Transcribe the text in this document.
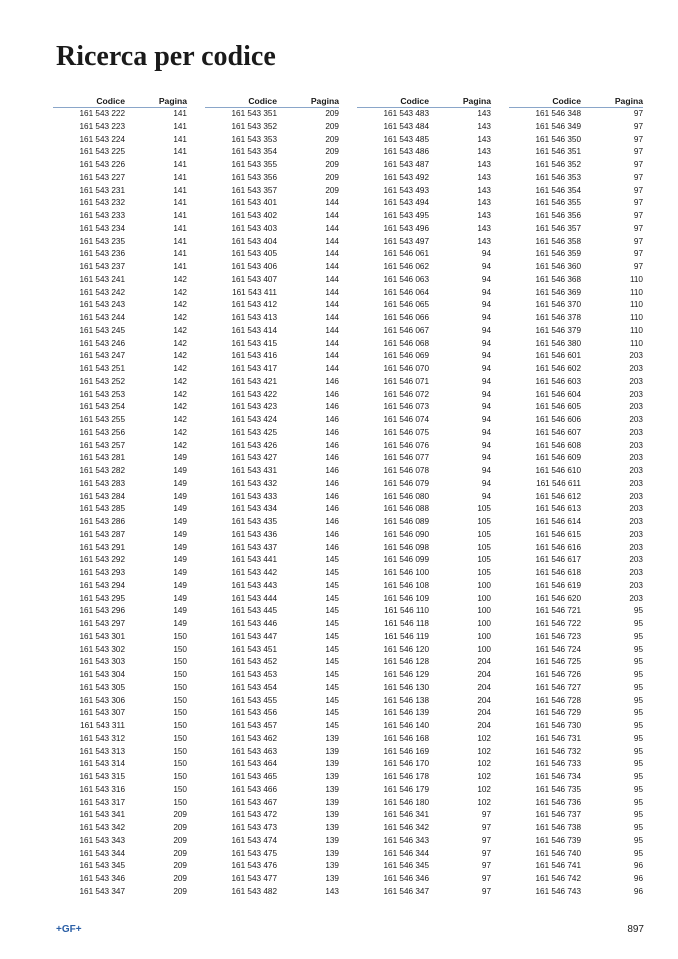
Ricerca per codice
Codice	Pagina
161 543 222	141
161 543 223	141
161 543 224	141
161 543 225	141
161 543 226	141
161 543 227	141
161 543 231	141
161 543 232	141
161 543 233	141
161 543 234	141
161 543 235	141
161 543 236	141
161 543 237	141
161 543 241	142
161 543 242	142
161 543 243	142
161 543 244	142
161 543 245	142
161 543 246	142
161 543 247	142
161 543 251	142
161 543 252	142
161 543 253	142
161 543 254	142
161 543 255	142
161 543 256	142
161 543 257	142
161 543 281	149
161 543 282	149
161 543 283	149
161 543 284	149
161 543 285	149
161 543 286	149
161 543 287	149
161 543 291	149
161 543 292	149
161 543 293	149
161 543 294	149
161 543 295	149
161 543 296	149
161 543 297	149
161 543 301	150
161 543 302	150
161 543 303	150
161 543 304	150
161 543 305	150
161 543 306	150
161 543 307	150
161 543 311	150
161 543 312	150
161 543 313	150
161 543 314	150
161 543 315	150
161 543 316	150
161 543 317	150
161 543 341	209
161 543 342	209
161 543 343	209
161 543 344	209
161 543 345	209
161 543 346	209
161 543 347	209
Codice	Pagina
161 543 351	209
161 543 352	209
161 543 353	209
161 543 354	209
161 543 355	209
161 543 356	209
161 543 357	209
161 543 401	144
161 543 402	144
161 543 403	144
161 543 404	144
161 543 405	144
161 543 406	144
161 543 407	144
161 543 411	144
161 543 412	144
161 543 413	144
161 543 414	144
161 543 415	144
161 543 416	144
161 543 417	144
161 543 421	146
161 543 422	146
161 543 423	146
161 543 424	146
161 543 425	146
161 543 426	146
161 543 427	146
161 543 431	146
161 543 432	146
161 543 433	146
161 543 434	146
161 543 435	146
161 543 436	146
161 543 437	146
161 543 441	145
161 543 442	145
161 543 443	145
161 543 444	145
161 543 445	145
161 543 446	145
161 543 447	145
161 543 451	145
161 543 452	145
161 543 453	145
161 543 454	145
161 543 455	145
161 543 456	145
161 543 457	145
161 543 462	139
161 543 463	139
161 543 464	139
161 543 465	139
161 543 466	139
161 543 467	139
161 543 472	139
161 543 473	139
161 543 474	139
161 543 475	139
161 543 476	139
161 543 477	139
161 543 482	143
Codice	Pagina
161 543 483	143
161 543 484	143
161 543 485	143
161 543 486	143
161 543 487	143
161 543 492	143
161 543 493	143
161 543 494	143
161 543 495	143
161 543 496	143
161 543 497	143
161 546 061	94
161 546 062	94
161 546 063	94
161 546 064	94
161 546 065	94
161 546 066	94
161 546 067	94
161 546 068	94
161 546 069	94
161 546 070	94
161 546 071	94
161 546 072	94
161 546 073	94
161 546 074	94
161 546 075	94
161 546 076	94
161 546 077	94
161 546 078	94
161 546 079	94
161 546 080	94
161 546 088	105
161 546 089	105
161 546 090	105
161 546 098	105
161 546 099	105
161 546 100	105
161 546 108	100
161 546 109	100
161 546 110	100
161 546 118	100
161 546 119	100
161 546 120	100
161 546 128	204
161 546 129	204
161 546 130	204
161 546 138	204
161 546 139	204
161 546 140	204
161 546 168	102
161 546 169	102
161 546 170	102
161 546 178	102
161 546 179	102
161 546 180	102
161 546 341	97
161 546 342	97
161 546 343	97
161 546 344	97
161 546 345	97
161 546 346	97
161 546 347	97
Codice	Pagina
161 546 348	97
161 546 349	97
161 546 350	97
161 546 351	97
161 546 352	97
161 546 353	97
161 546 354	97
161 546 355	97
161 546 356	97
161 546 357	97
161 546 358	97
161 546 359	97
161 546 360	97
161 546 368	110
161 546 369	110
161 546 370	110
161 546 378	110
161 546 379	110
161 546 380	110
161 546 601	203
161 546 602	203
161 546 603	203
161 546 604	203
161 546 605	203
161 546 606	203
161 546 607	203
161 546 608	203
161 546 609	203
161 546 610	203
161 546 611	203
161 546 612	203
161 546 613	203
161 546 614	203
161 546 615	203
161 546 616	203
161 546 617	203
161 546 618	203
161 546 619	203
161 546 620	203
161 546 721	95
161 546 722	95
161 546 723	95
161 546 724	95
161 546 725	95
161 546 726	95
161 546 727	95
161 546 728	95
161 546 729	95
161 546 730	95
161 546 731	95
161 546 732	95
161 546 733	95
161 546 734	95
161 546 735	95
161 546 736	95
161 546 737	95
161 546 738	95
161 546 739	95
161 546 740	95
161 546 741	96
161 546 742	96
161 546 743	96
+GF+	897
